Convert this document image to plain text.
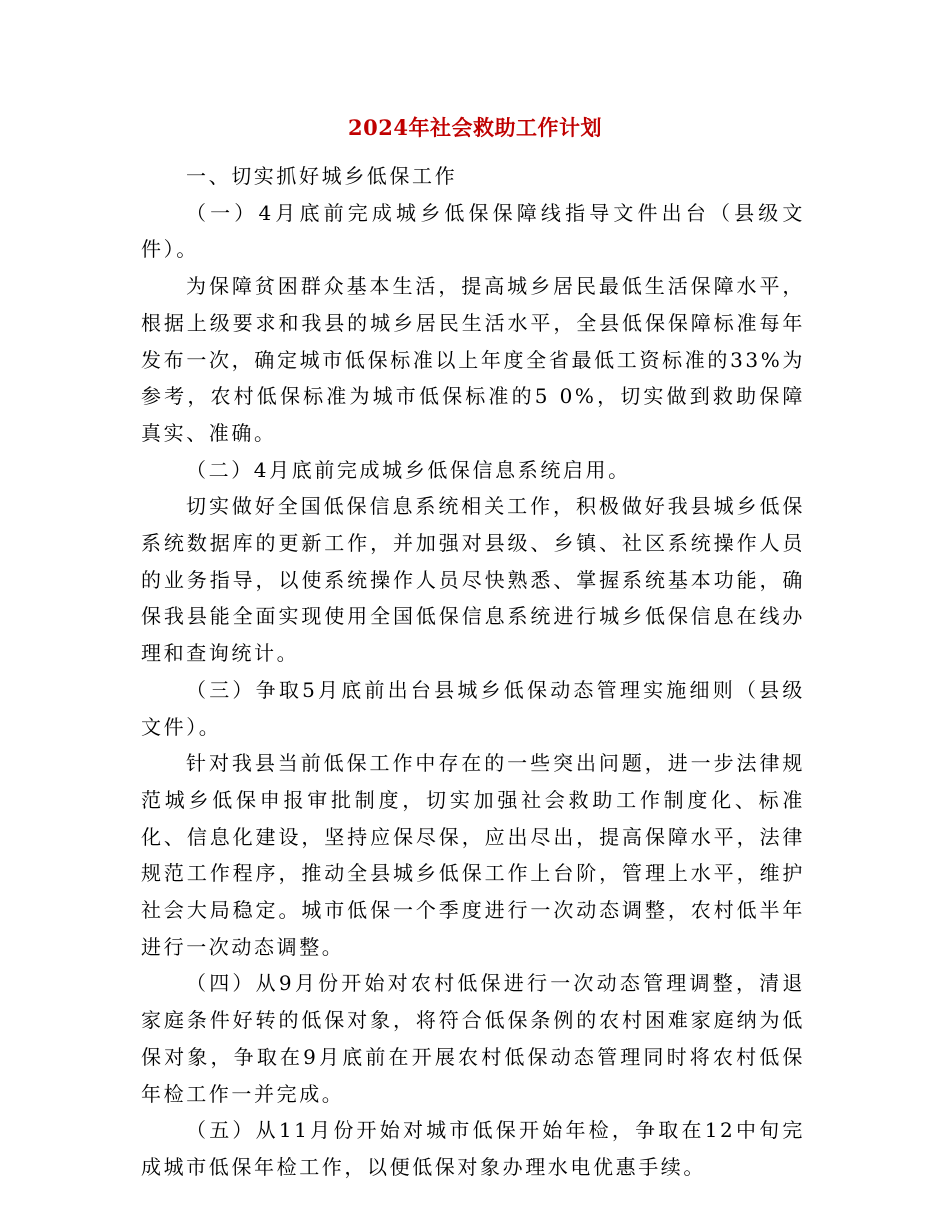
2024年社会救助工作计划

一、切实抓好城乡低保工作

（一）4月底前完成城乡低保保障线指导文件出台（县级文件）。

为保障贫困群众基本生活，提高城乡居民最低生活保障水平，根据上级要求和我县的城乡居民生活水平，全县低保保障标准每年发布一次，确定城市低保标准以上年度全省最低工资标准的33%为参考，农村低保标准为城市低保标准的5 0%，切实做到救助保障真实、准确。

（二）4月底前完成城乡低保信息系统启用。

切实做好全国低保信息系统相关工作，积极做好我县城乡低保系统数据库的更新工作，并加强对县级、乡镇、社区系统操作人员的业务指导，以使系统操作人员尽快熟悉、掌握系统基本功能，确保我县能全面实现使用全国低保信息系统进行城乡低保信息在线办理和查询统计。

（三）争取5月底前出台县城乡低保动态管理实施细则（县级文件）。

针对我县当前低保工作中存在的一些突出问题，进一步法律规范城乡低保申报审批制度，切实加强社会救助工作制度化、标准化、信息化建设，坚持应保尽保，应出尽出，提高保障水平，法律规范工作程序，推动全县城乡低保工作上台阶，管理上水平，维护社会大局稳定。城市低保一个季度进行一次动态调整，农村低半年进行一次动态调整。

（四）从9月份开始对农村低保进行一次动态管理调整，清退家庭条件好转的低保对象，将符合低保条例的农村困难家庭纳为低保对象，争取在9月底前在开展农村低保动态管理同时将农村低保年检工作一并完成。

（五）从11月份开始对城市低保开始年检，争取在12中旬完成城市低保年检工作，以便低保对象办理水电优惠手续。
